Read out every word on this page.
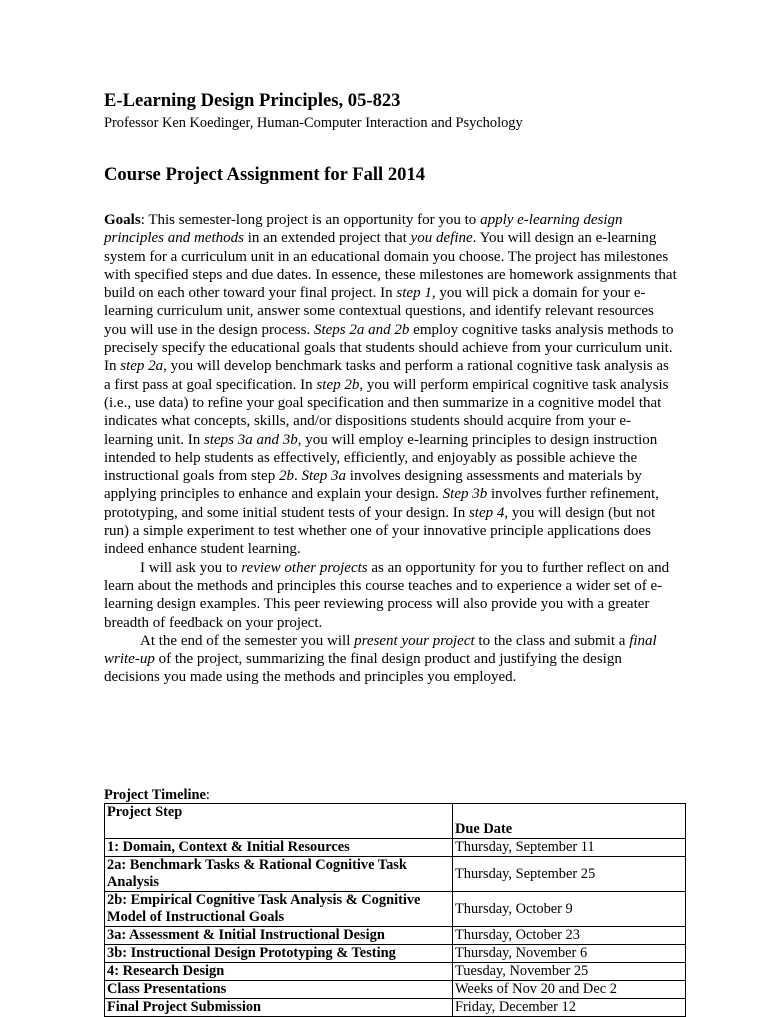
E-Learning Design Principles, 05-823
Professor Ken Koedinger, Human-Computer Interaction and Psychology
Course Project Assignment for Fall 2014

Goals: This semester-long project is an opportunity for you to apply e-learning design principles and methods in an extended project that you define. You will design an e-learning system for a curriculum unit in an educational domain you choose. The project has milestones with specified steps and due dates. In essence, these milestones are homework assignments that build on each other toward your final project. In step 1, you will pick a domain for your e-learning curriculum unit, answer some contextual questions, and identify relevant resources you will use in the design process. Steps 2a and 2b employ cognitive tasks analysis methods to precisely specify the educational goals that students should achieve from your curriculum unit. In step 2a, you will develop benchmark tasks and perform a rational cognitive task analysis as a first pass at goal specification. In step 2b, you will perform empirical cognitive task analysis (i.e., use data) to refine your goal specification and then summarize in a cognitive model that indicates what concepts, skills, and/or dispositions students should acquire from your e-learning unit. In steps 3a and 3b, you will employ e-learning principles to design instruction intended to help students as effectively, efficiently, and enjoyably as possible achieve the instructional goals from step 2b. Step 3a involves designing assessments and materials by applying principles to enhance and explain your design. Step 3b involves further refinement, prototyping, and some initial student tests of your design. In step 4, you will design (but not run) a simple experiment to test whether one of your innovative principle applications does indeed enhance student learning.

I will ask you to review other projects as an opportunity for you to further reflect on and learn about the methods and principles this course teaches and to experience a wider set of e-learning design examples. This peer reviewing process will also provide you with a greater breadth of feedback on your project.

At the end of the semester you will present your project to the class and submit a final write-up of the project, summarizing the final design product and justifying the design decisions you made using the methods and principles you employed.

Project Timeline:
Project Step		Due Date
1: Domain, Context & Initial Resources		Thursday, September 11
2a: Benchmark Tasks & Rational Cognitive Task Analysis		Thursday, September 25
2b: Empirical Cognitive Task Analysis & Cognitive Model of Instructional Goals		Thursday, October 9
3a: Assessment & Initial Instructional Design		Thursday, October 23
3b: Instructional Design Prototyping & Testing		Thursday, November 6
4: Research Design		Tuesday, November 25
Class Presentations		Weeks of Nov 20 and Dec 2
Final Project Submission		Friday, December 12
